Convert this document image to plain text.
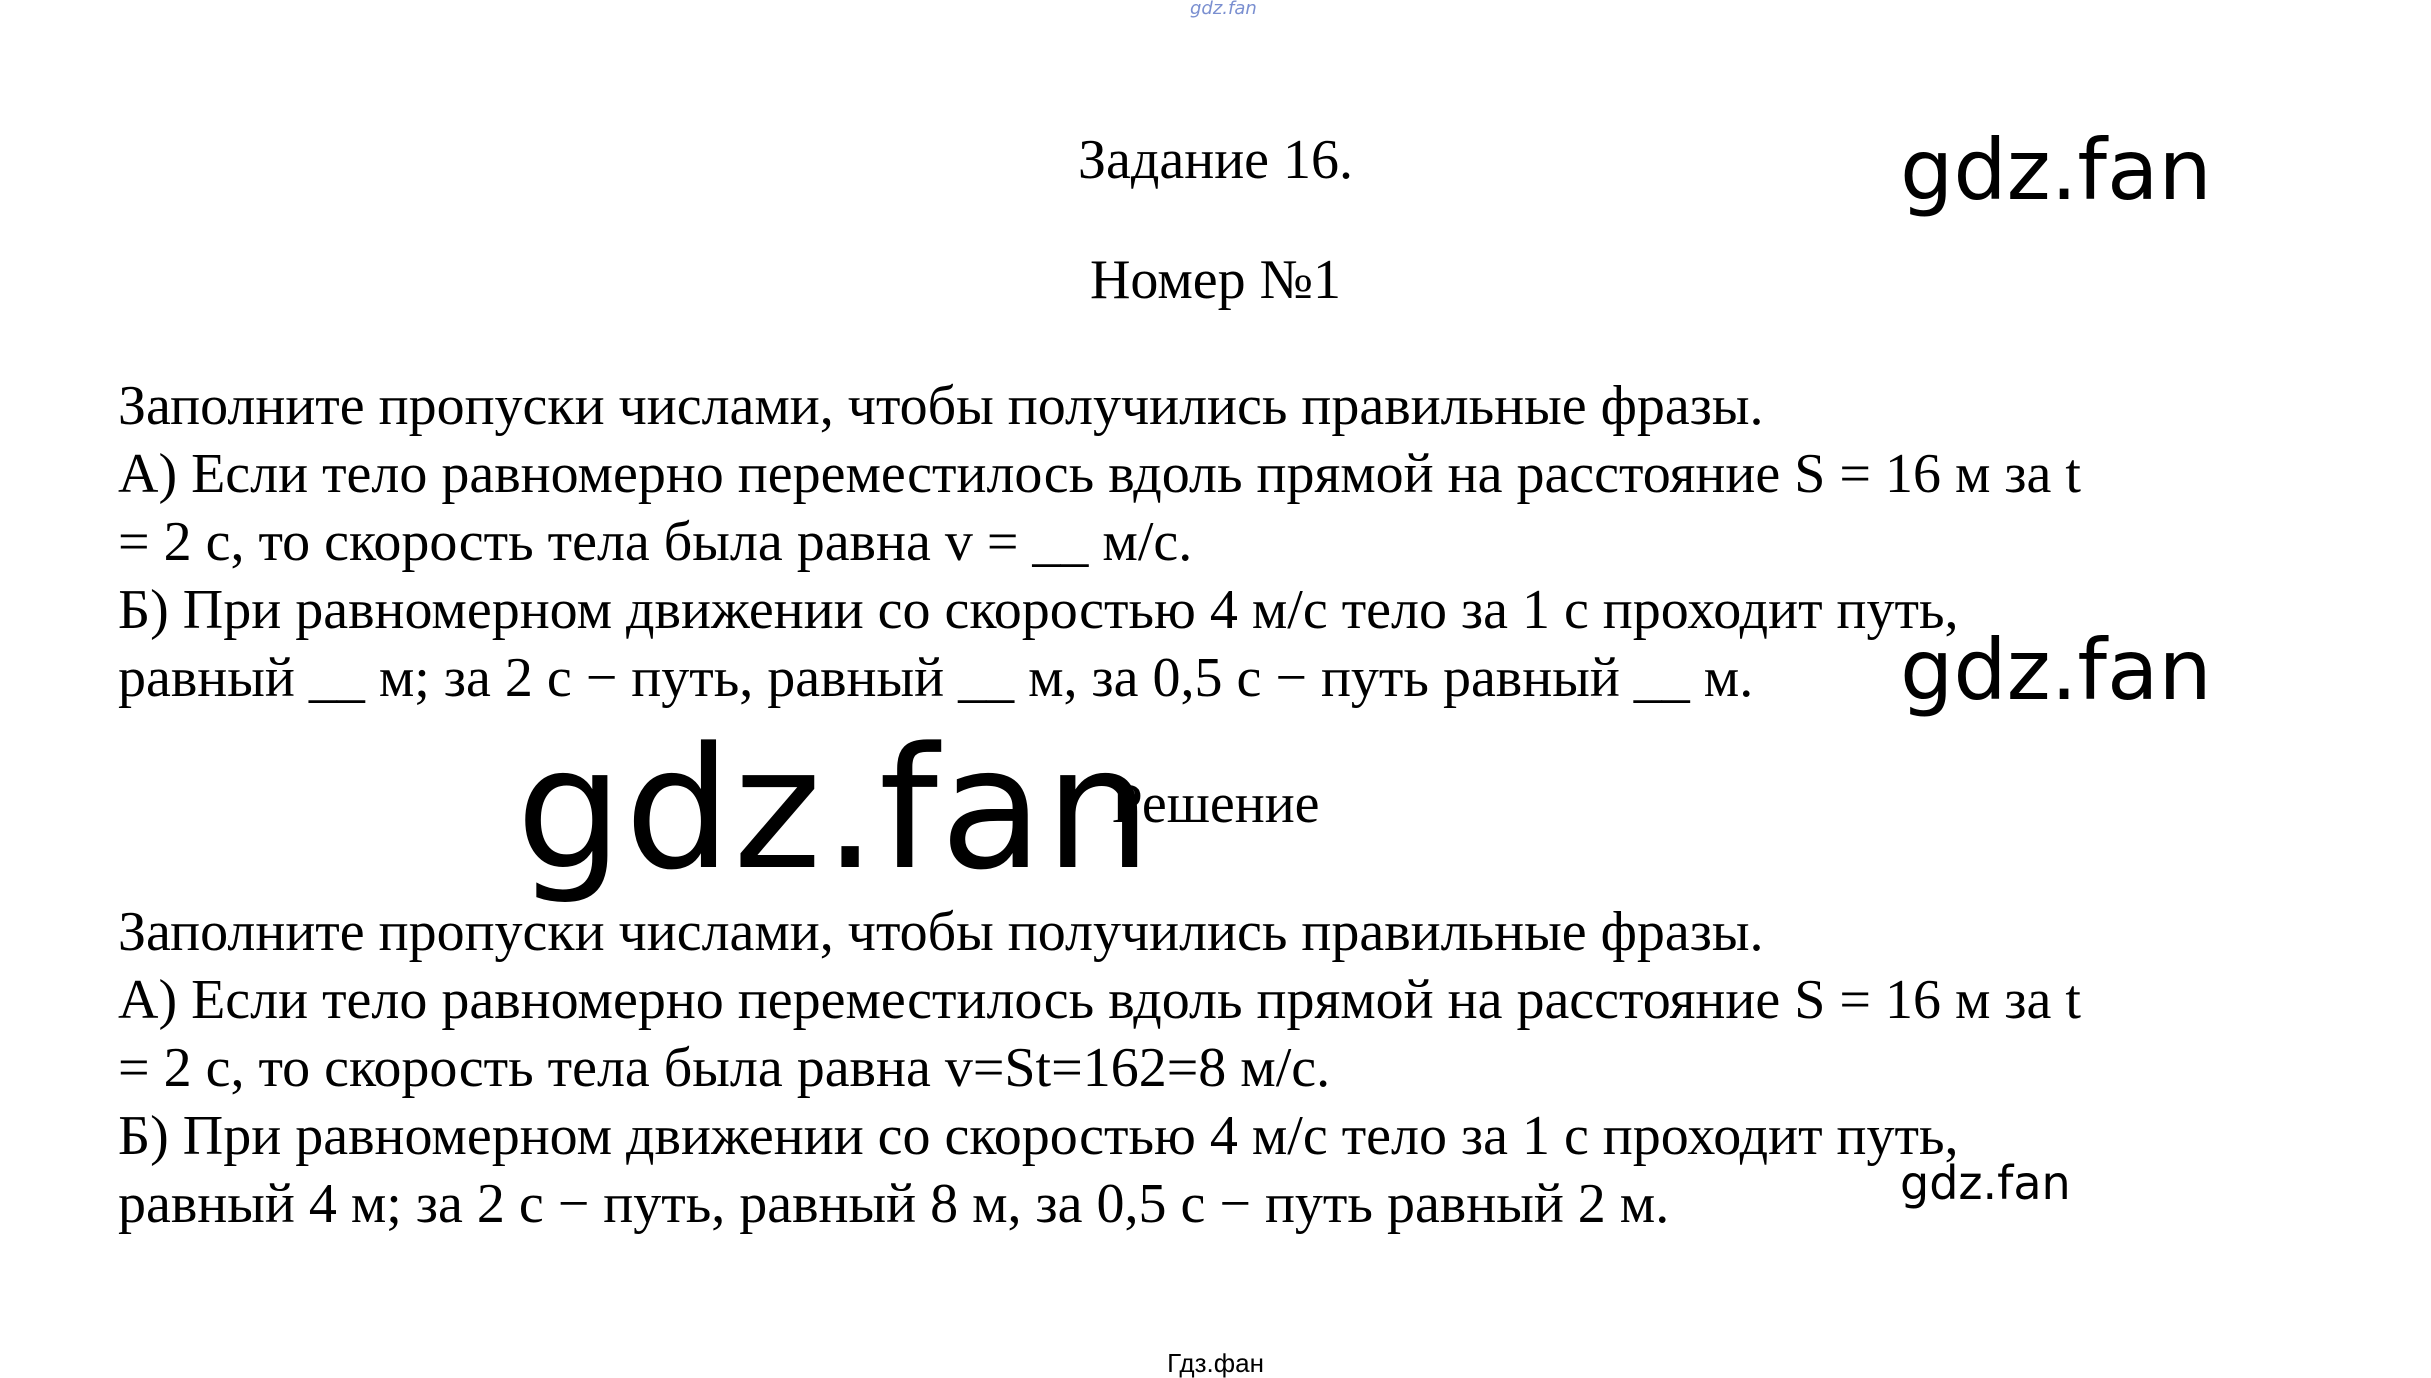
gdz.fan
Задание 16.
Номер №1
Заполните пропуски числами, чтобы получились правильные фразы.
А) Если тело равномерно переместилось вдоль прямой на расстояние S = 16 м за t
= 2 с, то скорость тела была равна v = __ м/с.
Б) При равномерном движении со скоростью 4 м/с тело за 1 с проходит путь,
равный __ м; за 2 с − путь, равный __ м, за 0,5 с − путь равный __ м.
Решение
Заполните пропуски числами, чтобы получились правильные фразы.
А) Если тело равномерно переместилось вдоль прямой на расстояние S = 16 м за t
= 2 с, то скорость тела была равна v=St=162=8 м/с.
Б) При равномерном движении со скоростью 4 м/с тело за 1 с проходит путь,
равный 4 м; за 2 с − путь, равный 8 м, за 0,5 с − путь равный 2 м.
gdz.fan
gdz.fan
gdz.fan
gdz.fan
Гдз.фан
